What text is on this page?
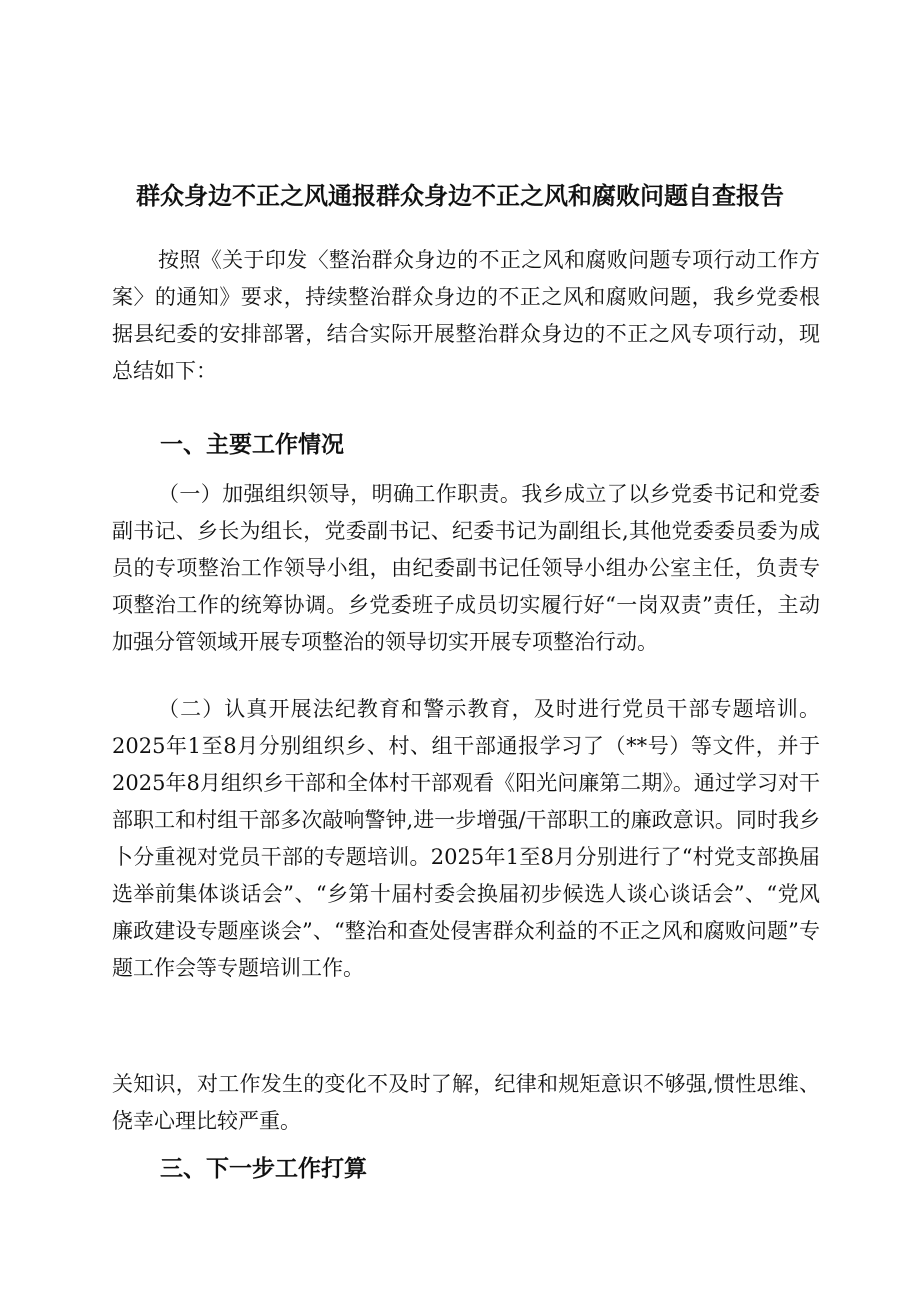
群众身边不正之风通报群众身边不正之风和腐败问题自查报告

按照《关于印发〈整治群众身边的不正之风和腐败问题专项行动工作方案〉的通知》要求，持续整治群众身边的不正之风和腐败问题，我乡党委根据县纪委的安排部署，结合实际开展整治群众身边的不正之风专项行动，现总结如下：

一、主要工作情况

（一）加强组织领导，明确工作职责。我乡成立了以乡党委书记和党委副书记、乡长为组长，党委副书记、纪委书记为副组长,其他党委委员委为成员的专项整治工作领导小组，由纪委副书记任领导小组办公室主任，负责专项整治工作的统筹协调。乡党委班子成员切实履行好“一岗双责”责任，主动加强分管领域开展专项整治的领导切实开展专项整治行动。

（二）认真开展法纪教育和警示教育，及时进行党员干部专题培训。2025年1至8月分别组织乡、村、组干部通报学习了（**号）等文件，并于2025年8月组织乡干部和全体村干部观看《阳光问廉第二期》。通过学习对干部职工和村组干部多次敲响警钟,进一步增强/干部职工的廉政意识。同时我乡卜分重视对党员干部的专题培训。2025年1至8月分别进行了“村党支部换届选举前集体谈话会”、“乡第十届村委会换届初步候选人谈心谈话会”、“党风廉政建设专题座谈会”、“整治和查处侵害群众利益的不正之风和腐败问题”专题工作会等专题培训工作。

关知识，对工作发生的变化不及时了解，纪律和规矩意识不够强,惯性思维、侥幸心理比较严重。

三、下一步工作打算
